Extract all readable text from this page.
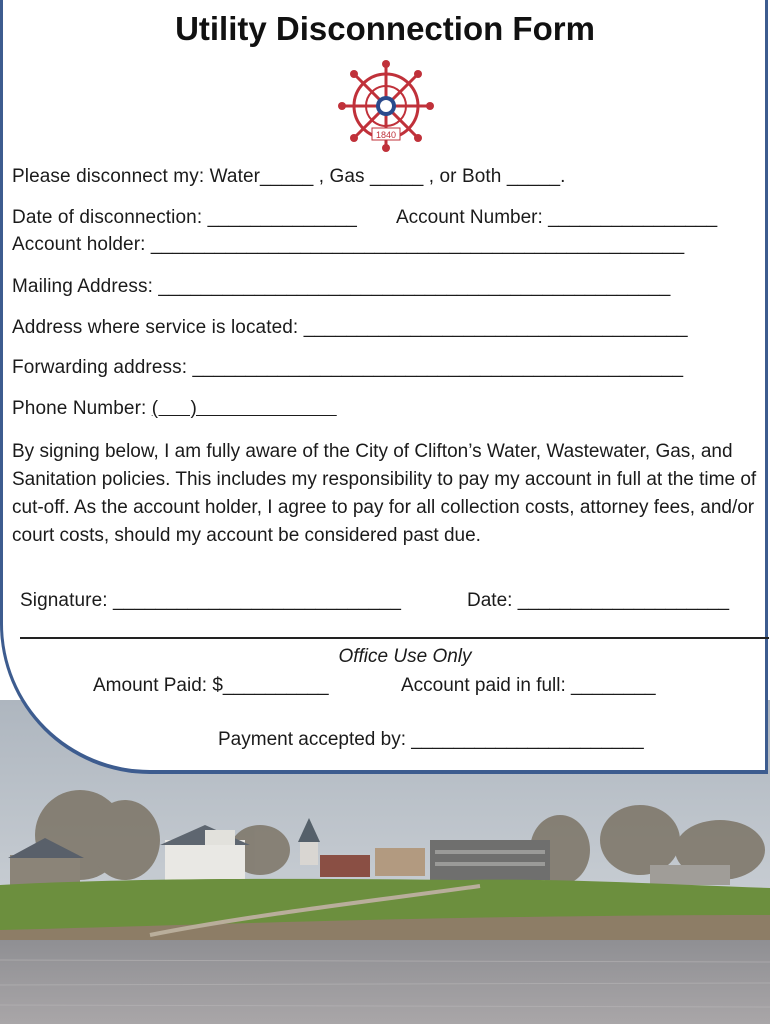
Utility Disconnection Form
1840
Please disconnect my: Water_____ , Gas _____ , or Both _____.
Date of disconnection: ______________ Account Number: ________________
Account holder: __________________________________________________
Mailing Address: ________________________________________________
Address where service is located: ____________________________________
Forwarding address: ______________________________________________
Phone Number: (      )
By signing below, I am fully aware of the City of Clifton’s Water, Wastewater, Gas, and Sanitation policies. This includes my responsibility to pay my account in full at the time of cut-off. As the account holder, I agree to pay for all collection costs, attorney fees, and/or court costs, should my account be considered past due.
Signature: ___________________________	Date: ____________________
Office Use Only
Amount Paid: $__________	Account paid in full: ________
Payment accepted by: ______________________
